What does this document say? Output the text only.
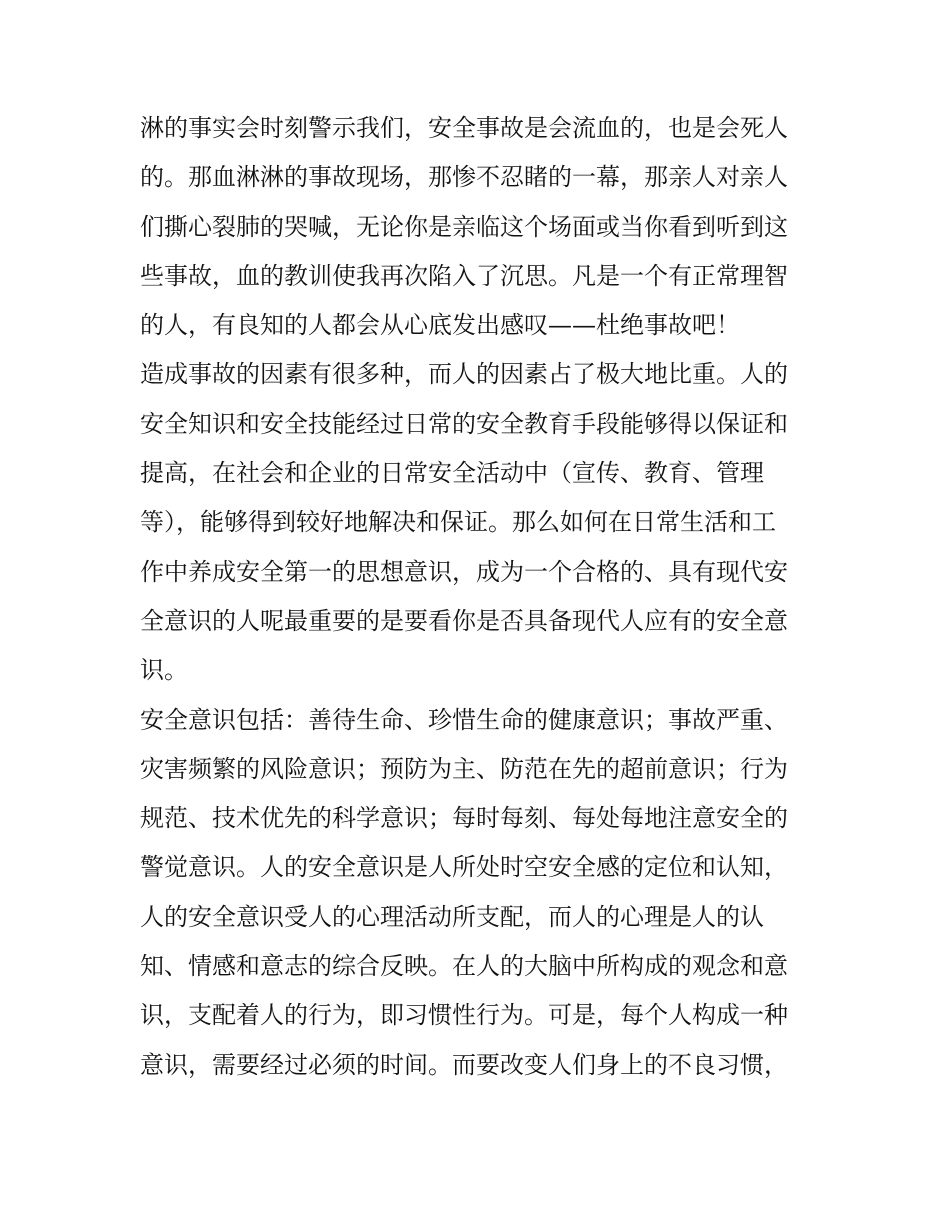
淋的事实会时刻警示我们，安全事故是会流血的，也是会死人
的。那血淋淋的事故现场，那惨不忍睹的一幕，那亲人对亲人
们撕心裂肺的哭喊，无论你是亲临这个场面或当你看到听到这
些事故，血的教训使我再次陷入了沉思。凡是一个有正常理智
的人，有良知的人都会从心底发出感叹——杜绝事故吧！
造成事故的因素有很多种，而人的因素占了极大地比重。人的
安全知识和安全技能经过日常的安全教育手段能够得以保证和
提高，在社会和企业的日常安全活动中（宣传、教育、管理
等），能够得到较好地解决和保证。那么如何在日常生活和工
作中养成安全第一的思想意识，成为一个合格的、具有现代安
全意识的人呢最重要的是要看你是否具备现代人应有的安全意
识。
安全意识包括：善待生命、珍惜生命的健康意识；事故严重、
灾害频繁的风险意识；预防为主、防范在先的超前意识；行为
规范、技术优先的科学意识；每时每刻、每处每地注意安全的
警觉意识。人的安全意识是人所处时空安全感的定位和认知，
人的安全意识受人的心理活动所支配，而人的心理是人的认
知、情感和意志的综合反映。在人的大脑中所构成的观念和意
识，支配着人的行为，即习惯性行为。可是，每个人构成一种
意识，需要经过必须的时间。而要改变人们身上的不良习惯，
